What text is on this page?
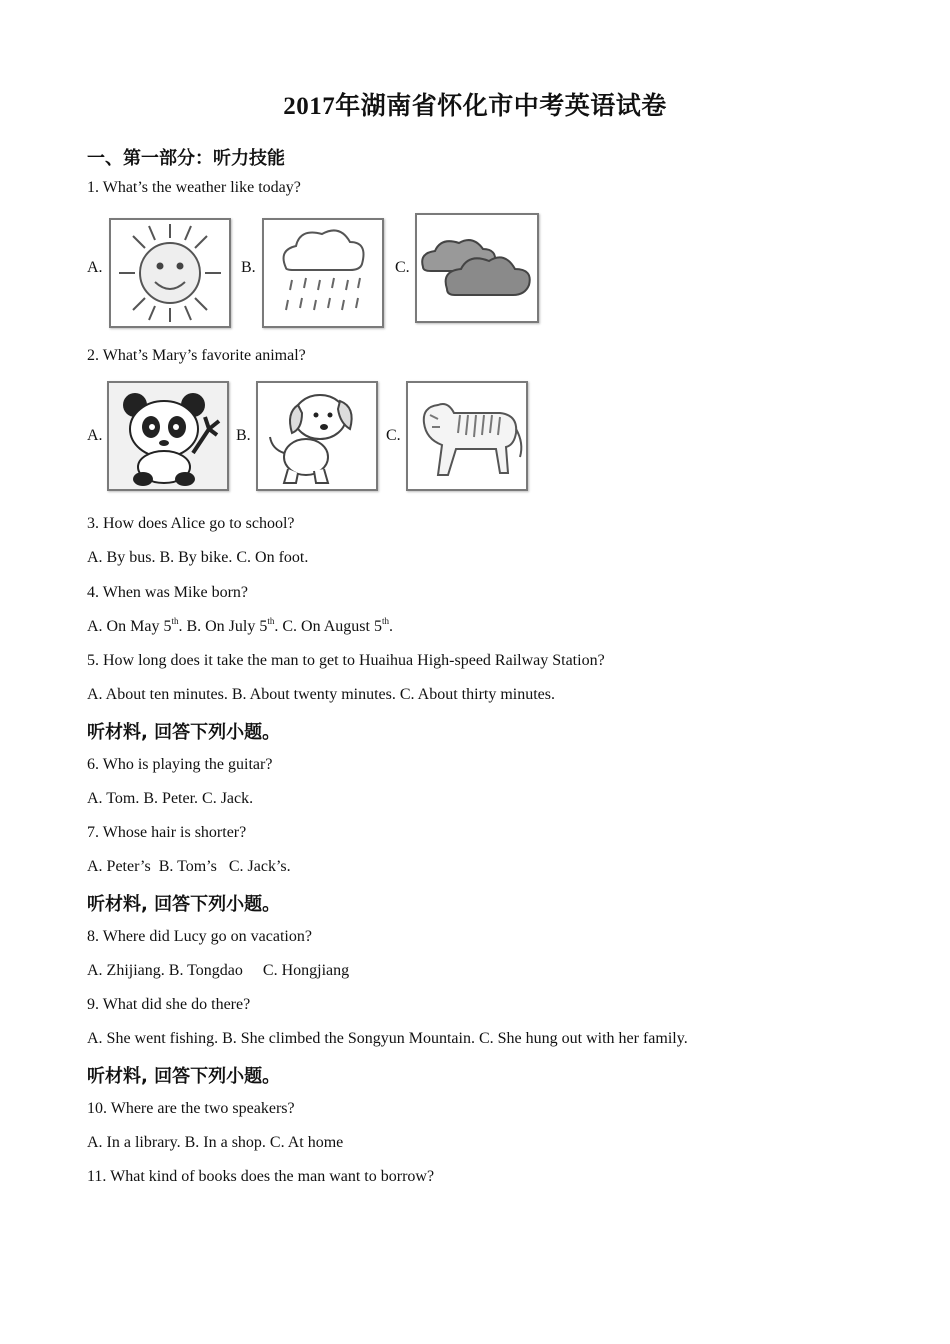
2017年湖南省怀化市中考英语试卷
一、第一部分：听力技能
1. What’s the weather like today?
A.	B.	C.
2. What’s Mary’s favorite animal?
A.	B.	C.
3. How does Alice go to school?
A. By bus. B. By bike. C. On foot.
4. When was Mike born?
A. On May 5th. B. On July 5th. C. On August 5th.
5. How long does it take the man to get to Huaihua High-speed Railway Station?
A. About ten minutes. B. About twenty minutes. C. About thirty minutes.
听材料, 回答下列小题。
6. Who is playing the guitar?
A. Tom. B. Peter. C. Jack.
7. Whose hair is shorter?
A. Peter’s  B. Tom’s   C. Jack’s.
听材料, 回答下列小题。
8. Where did Lucy go on vacation?
A. Zhijiang. B. Tongdao     C. Hongjiang
9. What did she do there?
A. She went fishing. B. She climbed the Songyun Mountain. C. She hung out with her family.
听材料, 回答下列小题。
10. Where are the two speakers?
A. In a library. B. In a shop. C. At home
11. What kind of books does the man want to borrow?
